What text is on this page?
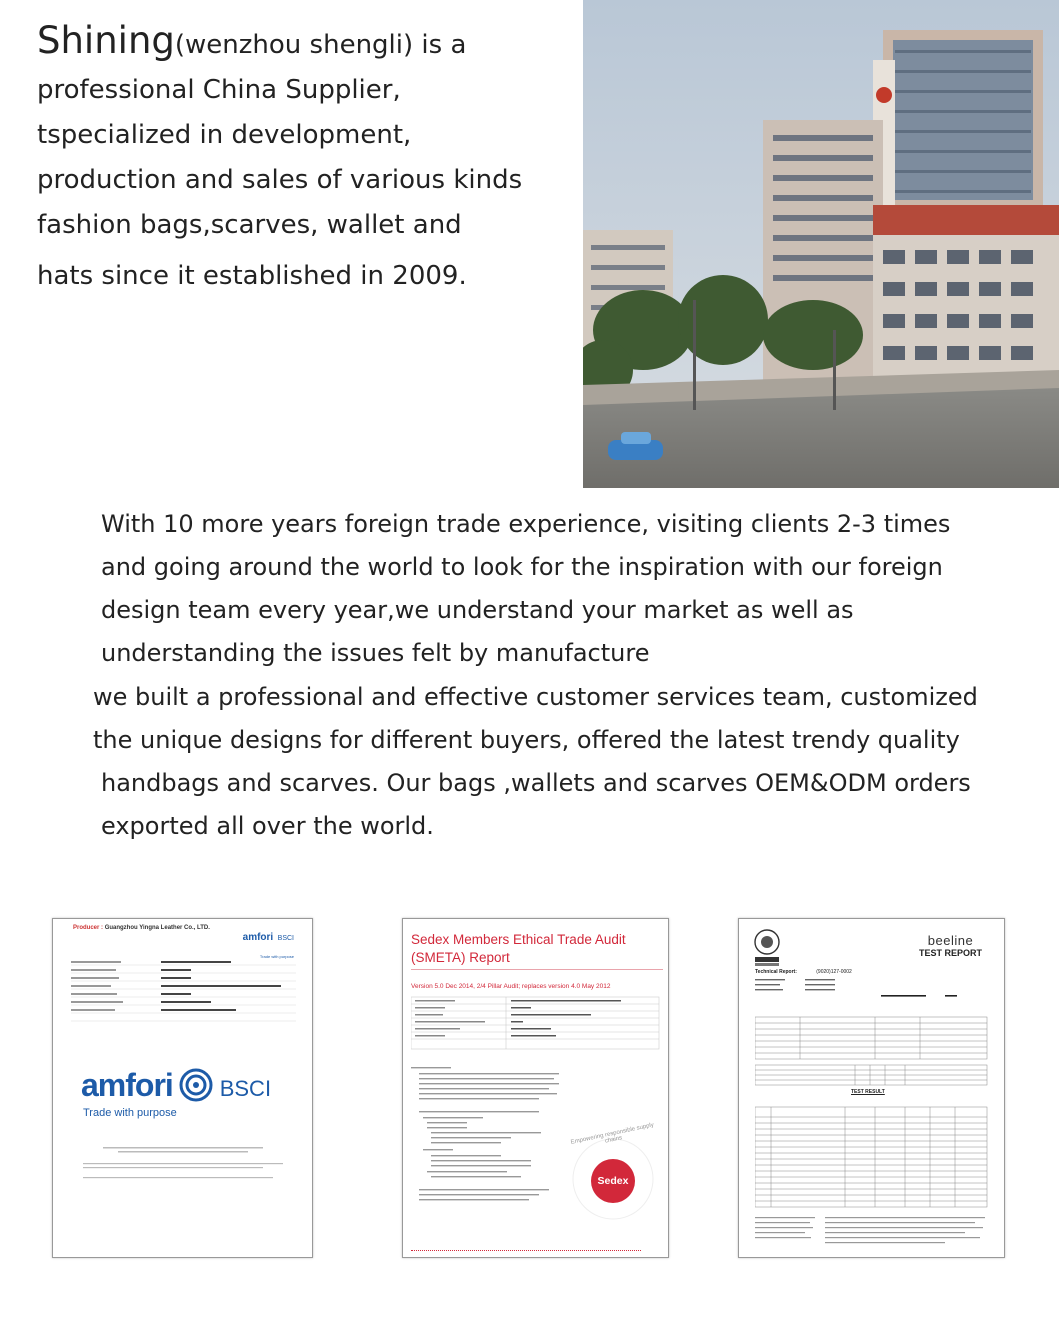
Shining(wenzhou shengli) is a
professional China Supplier,
tspecialized in development,
production and sales of various kinds
fashion bags,scarves, wallet and
hats since it established in 2009.
With 10 more years foreign trade experience, visiting clients 2-3 times
and going around the world to look for the inspiration with our foreign
design team every year,we understand your market as well as
understanding the issues felt by manufacture
we built a professional and effective customer services team, customized
the unique designs for different buyers, offered the latest trendy quality
handbags and scarves. Our bags ,wallets and scarves OEM&ODM orders
exported all over the world.
Producer : Guangzhou Yingna Leather Co., LTD.
amfori BSCI
Trade with purpose
amfori BSCI
Trade with purpose
Sedex Members Ethical Trade Audit
(SMETA) Report
Version 5.0 Dec 2014, 2/4 Pillar Audit; replaces version 4.0 May 2012
Sedex
Empowering responsible supply chains
beeline
TEST REPORT
Technical Report:	(9020)127-0002
TEST RESULT
